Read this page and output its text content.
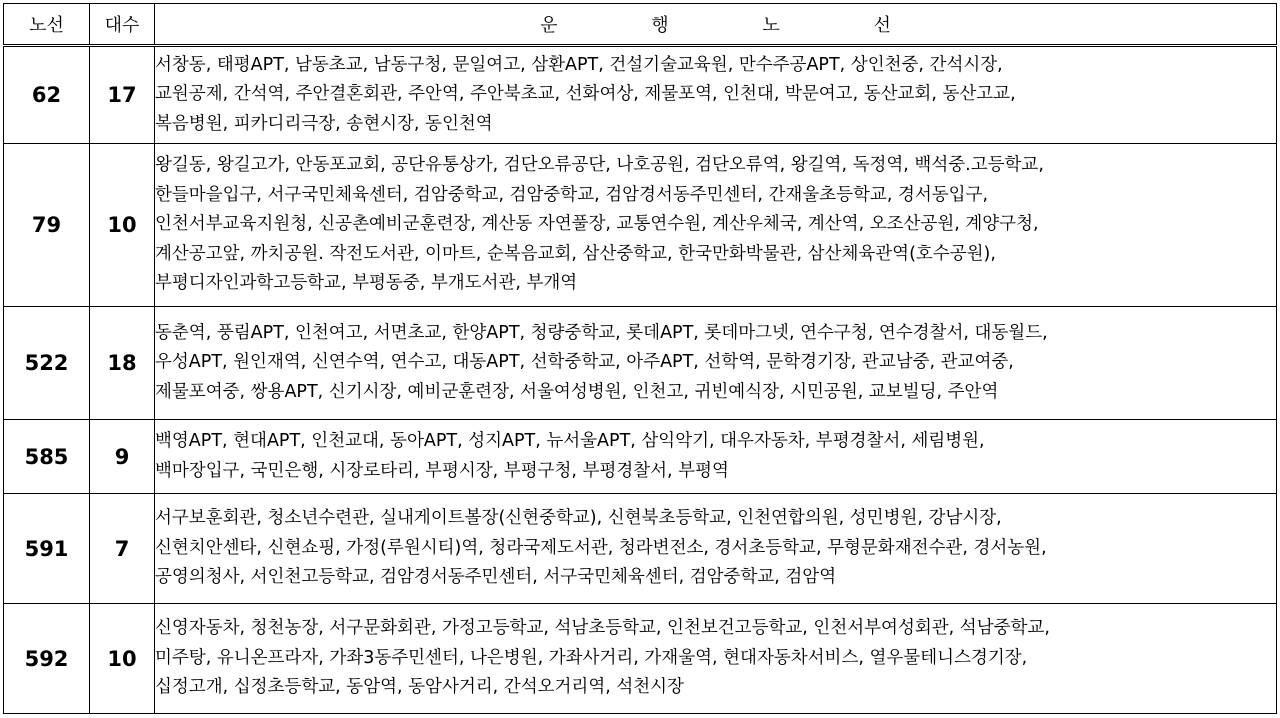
노선	대수	운 행 노 선
62	17	서창동, 태평APT, 남동초교, 남동구청, 문일여고, 삼환APT, 건설기술교육원, 만수주공APT, 상인천중, 간석시장,
교원공제, 간석역, 주안결혼회관, 주안역, 주안북초교, 선화여상, 제물포역, 인천대, 박문여고, 동산교회, 동산고교,
복음병원, 피카디리극장, 송현시장, 동인천역

79	10	왕길동, 왕길고가, 안동포교회, 공단유통상가, 검단오류공단, 나호공원, 검단오류역, 왕길역, 독정역, 백석중.고등학교,
한들마을입구, 서구국민체육센터, 검암중학교, 검암중학교, 검암경서동주민센터, 간재울초등학교, 경서동입구,
인천서부교육지원청, 신공촌예비군훈련장, 계산동 자연풀장, 교통연수원, 계산우체국, 계산역, 오조산공원, 계양구청,
계산공고앞, 까치공원. 작전도서관, 이마트, 순복음교회, 삼산중학교, 한국만화박물관, 삼산체육관역(호수공원),
부평디자인과학고등학교, 부평동중, 부개도서관, 부개역

522	18	동춘역, 풍림APT, 인천여고, 서면초교, 한양APT, 청량중학교, 롯데APT, 롯데마그넷, 연수구청, 연수경찰서, 대동월드,
우성APT, 원인재역, 신연수역, 연수고, 대동APT, 선학중학교, 아주APT, 선학역, 문학경기장, 관교남중, 관교여중,
제물포여중, 쌍용APT, 신기시장, 예비군훈련장, 서울여성병원, 인천고, 귀빈예식장, 시민공원, 교보빌딩, 주안역

585	9	백영APT, 현대APT, 인천교대, 동아APT, 성지APT, 뉴서울APT, 삼익악기, 대우자동차, 부평경찰서, 세림병원,
백마장입구, 국민은행, 시장로타리, 부평시장, 부평구청, 부평경찰서, 부평역

591	7	서구보훈회관, 청소년수련관, 실내게이트볼장(신현중학교), 신현북초등학교, 인천연합의원, 성민병원, 강남시장,
신현치안센타, 신현쇼핑, 가정(루원시티)역, 청라국제도서관, 청라변전소, 경서초등학교, 무형문화재전수관, 경서농원,
공영의청사, 서인천고등학교, 검암경서동주민센터, 서구국민체육센터, 검암중학교, 검암역

592	10	신영자동차, 청천농장, 서구문화회관, 가정고등학교, 석남초등학교, 인천보건고등학교, 인천서부여성회관, 석남중학교,
미주탕, 유니온프라자, 가좌3동주민센터, 나은병원, 가좌사거리, 가재울역, 현대자동차서비스, 열우물테니스경기장,
십정고개, 십정초등학교, 동암역, 동암사거리, 간석오거리역, 석천시장
